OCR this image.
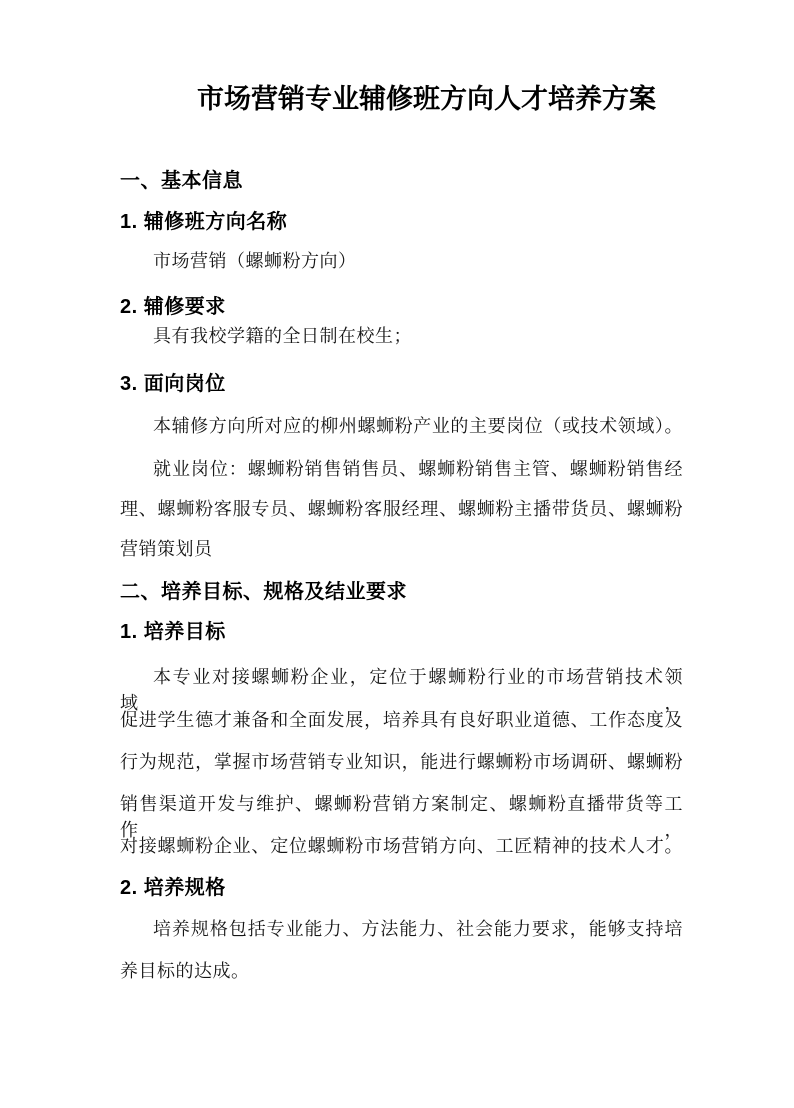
市场营销专业辅修班方向人才培养方案
一、基本信息
1. 辅修班方向名称
市场营销（螺蛳粉方向）
2. 辅修要求
具有我校学籍的全日制在校生；
3. 面向岗位
本辅修方向所对应的柳州螺蛳粉产业的主要岗位（或技术领域）。
就业岗位：螺蛳粉销售销售员、螺蛳粉销售主管、螺蛳粉销售经
理、螺蛳粉客服专员、螺蛳粉客服经理、螺蛳粉主播带货员、螺蛳粉
营销策划员
二、培养目标、规格及结业要求
1. 培养目标
本专业对接螺蛳粉企业，定位于螺蛳粉行业的市场营销技术领域，
促进学生德才兼备和全面发展，培养具有良好职业道德、工作态度及
行为规范，掌握市场营销专业知识，能进行螺蛳粉市场调研、螺蛳粉
销售渠道开发与维护、螺蛳粉营销方案制定、螺蛳粉直播带货等工作，
对接螺蛳粉企业、定位螺蛳粉市场营销方向、工匠精神的技术人才。
2. 培养规格
培养规格包括专业能力、方法能力、社会能力要求，能够支持培
养目标的达成。
